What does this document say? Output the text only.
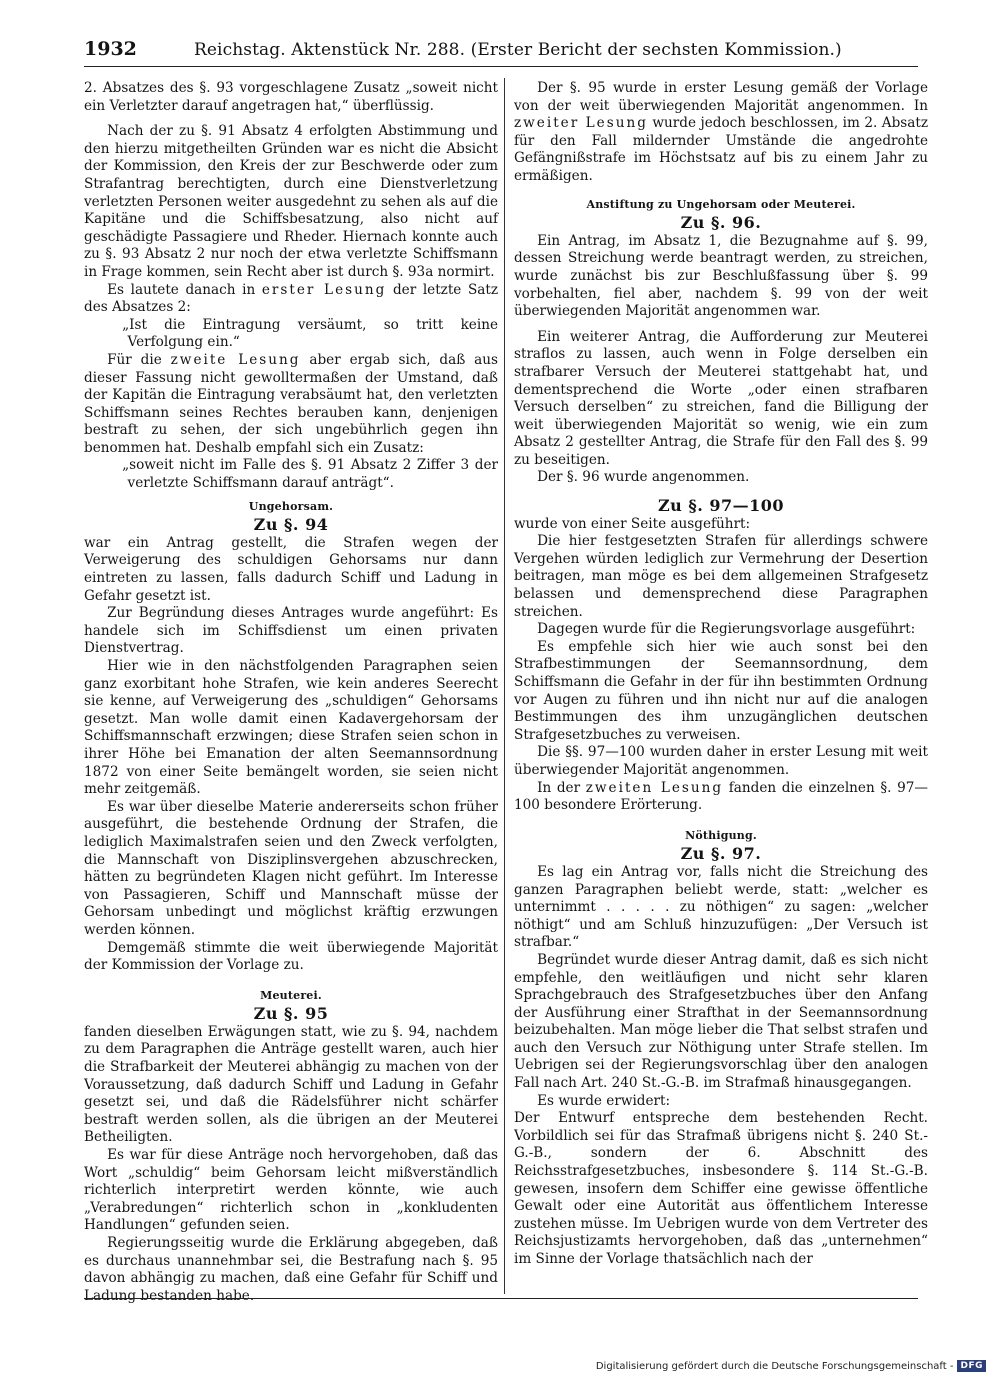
1932	Reichstag. Aktenstück Nr. 288. (Erster Bericht der sechsten Kommission.)

2. Absatzes des §. 93 vorgeschlagene Zusatz „soweit nicht ein Verletzter darauf angetragen hat,“ überflüssig.

Nach der zu §. 91 Absatz 4 erfolgten Abstimmung und den hierzu mitgetheilten Gründen war es nicht die Absicht der Kommission, den Kreis der zur Beschwerde oder zum Strafantrag berechtigten, durch eine Dienstverletzung verletzten Personen weiter ausgedehnt zu sehen als auf die Kapitäne und die Schiffsbesatzung, also nicht auf geschädigte Passagiere und Rheder. Hiernach konnte auch zu §. 93 Absatz 2 nur noch der etwa verletzte Schiffsmann in Frage kommen, sein Recht aber ist durch §. 93a normirt.

Es lautete danach in erster Lesung der letzte Satz des Absatzes 2:

„Ist die Eintragung versäumt, so tritt keine Verfolgung ein.“

Für die zweite Lesung aber ergab sich, daß aus dieser Fassung nicht gewolltermaßen der Umstand, daß der Kapitän die Eintragung verabsäumt hat, den verletzten Schiffsmann seines Rechtes berauben kann, denjenigen bestraft zu sehen, der sich ungebührlich gegen ihn benommen hat. Deshalb empfahl sich ein Zusatz:

„soweit nicht im Falle des §. 91 Absatz 2 Ziffer 3 der verletzte Schiffsmann darauf anträgt“.

Ungehorsam.
Zu §. 94

war ein Antrag gestellt, die Strafen wegen der Verweigerung des schuldigen Gehorsams nur dann eintreten zu lassen, falls dadurch Schiff und Ladung in Gefahr gesetzt ist.

Zur Begründung dieses Antrages wurde angeführt: Es handele sich im Schiffsdienst um einen privaten Dienstvertrag.

Hier wie in den nächstfolgenden Paragraphen seien ganz exorbitant hohe Strafen, wie kein anderes Seerecht sie kenne, auf Verweigerung des „schuldigen“ Gehorsams gesetzt. Man wolle damit einen Kadavergehorsam der Schiffsmannschaft erzwingen; diese Strafen seien schon in ihrer Höhe bei Emanation der alten Seemannsordnung 1872 von einer Seite bemängelt worden, sie seien nicht mehr zeitgemäß.

Es war über dieselbe Materie andererseits schon früher ausgeführt, die bestehende Ordnung der Strafen, die lediglich Maximalstrafen seien und den Zweck verfolgten, die Mannschaft von Disziplinsvergehen abzuschrecken, hätten zu begründeten Klagen nicht geführt. Im Interesse von Passagieren, Schiff und Mannschaft müsse der Gehorsam unbedingt und möglichst kräftig erzwungen werden können.

Demgemäß stimmte die weit überwiegende Majorität der Kommission der Vorlage zu.

Meuterei.
Zu §. 95

fanden dieselben Erwägungen statt, wie zu §. 94, nachdem zu dem Paragraphen die Anträge gestellt waren, auch hier die Strafbarkeit der Meuterei abhängig zu machen von der Voraussetzung, daß dadurch Schiff und Ladung in Gefahr gesetzt sei, und daß die Rädelsführer nicht schärfer bestraft werden sollen, als die übrigen an der Meuterei Betheiligten.

Es war für diese Anträge noch hervorgehoben, daß das Wort „schuldig“ beim Gehorsam leicht mißverständlich richterlich interpretirt werden könnte, wie auch „Verabredungen“ richterlich schon in „konkludenten Handlungen“ gefunden seien.

Regierungsseitig wurde die Erklärung abgegeben, daß es durchaus unannehmbar sei, die Bestrafung nach §. 95 davon abhängig zu machen, daß eine Gefahr für Schiff und Ladung bestanden habe.

Der §. 95 wurde in erster Lesung gemäß der Vorlage von der weit überwiegenden Majorität angenommen. In zweiter Lesung wurde jedoch beschlossen, im 2. Absatz für den Fall mildernder Umstände die angedrohte Gefängnißstrafe im Höchstsatz auf bis zu einem Jahr zu ermäßigen.

Anstiftung zu Ungehorsam oder Meuterei.
Zu §. 96.

Ein Antrag, im Absatz 1, die Bezugnahme auf §. 99, dessen Streichung werde beantragt werden, zu streichen, wurde zunächst bis zur Beschlußfassung über §. 99 vorbehalten, fiel aber, nachdem §. 99 von der weit überwiegenden Majorität angenommen war.

Ein weiterer Antrag, die Aufforderung zur Meuterei straflos zu lassen, auch wenn in Folge derselben ein strafbarer Versuch der Meuterei stattgehabt hat, und dementsprechend die Worte „oder einen strafbaren Versuch derselben“ zu streichen, fand die Billigung der weit überwiegenden Majorität so wenig, wie ein zum Absatz 2 gestellter Antrag, die Strafe für den Fall des §. 99 zu beseitigen.

Der §. 96 wurde angenommen.

Zu §. 97—100

wurde von einer Seite ausgeführt:

Die hier festgesetzten Strafen für allerdings schwere Vergehen würden lediglich zur Vermehrung der Desertion beitragen, man möge es bei dem allgemeinen Strafgesetz belassen und demensprechend diese Paragraphen streichen.

Dagegen wurde für die Regierungsvorlage ausgeführt:

Es empfehle sich hier wie auch sonst bei den Strafbestimmungen der Seemannsordnung, dem Schiffsmann die Gefahr in der für ihn bestimmten Ordnung vor Augen zu führen und ihn nicht nur auf die analogen Bestimmungen des ihm unzugänglichen deutschen Strafgesetzbuches zu verweisen.

Die §§. 97—100 wurden daher in erster Lesung mit weit überwiegender Majorität angenommen.

In der zweiten Lesung fanden die einzelnen §. 97—100 besondere Erörterung.

Nöthigung.
Zu §. 97.

Es lag ein Antrag vor, falls nicht die Streichung des ganzen Paragraphen beliebt werde, statt: „welcher es unternimmt . . . . . zu nöthigen“ zu sagen: „welcher nöthigt“ und am Schluß hinzuzufügen: „Der Versuch ist strafbar.“

Begründet wurde dieser Antrag damit, daß es sich nicht empfehle, den weitläufigen und nicht sehr klaren Sprachgebrauch des Strafgesetzbuches über den Anfang der Ausführung einer Strafthat in der Seemannsordnung beizubehalten. Man möge lieber die That selbst strafen und auch den Versuch zur Nöthigung unter Strafe stellen. Im Uebrigen sei der Regierungsvorschlag über den analogen Fall nach Art. 240 St.-G.-B. im Strafmaß hinausgegangen.

Es wurde erwidert:

Der Entwurf entspreche dem bestehenden Recht. Vorbildlich sei für das Strafmaß übrigens nicht §. 240 St.-G.-B., sondern der 6. Abschnitt des Reichsstrafgesetzbuches, insbesondere §. 114 St.-G.-B. gewesen, insofern dem Schiffer eine gewisse öffentliche Gewalt oder eine Autorität aus öffentlichem Interesse zustehen müsse. Im Uebrigen wurde von dem Vertreter des Reichsjustizamts hervorgehoben, daß das „unternehmen“ im Sinne der Vorlage thatsächlich nach der

Digitalisierung gefördert durch die Deutsche Forschungsgemeinschaft - DFG
